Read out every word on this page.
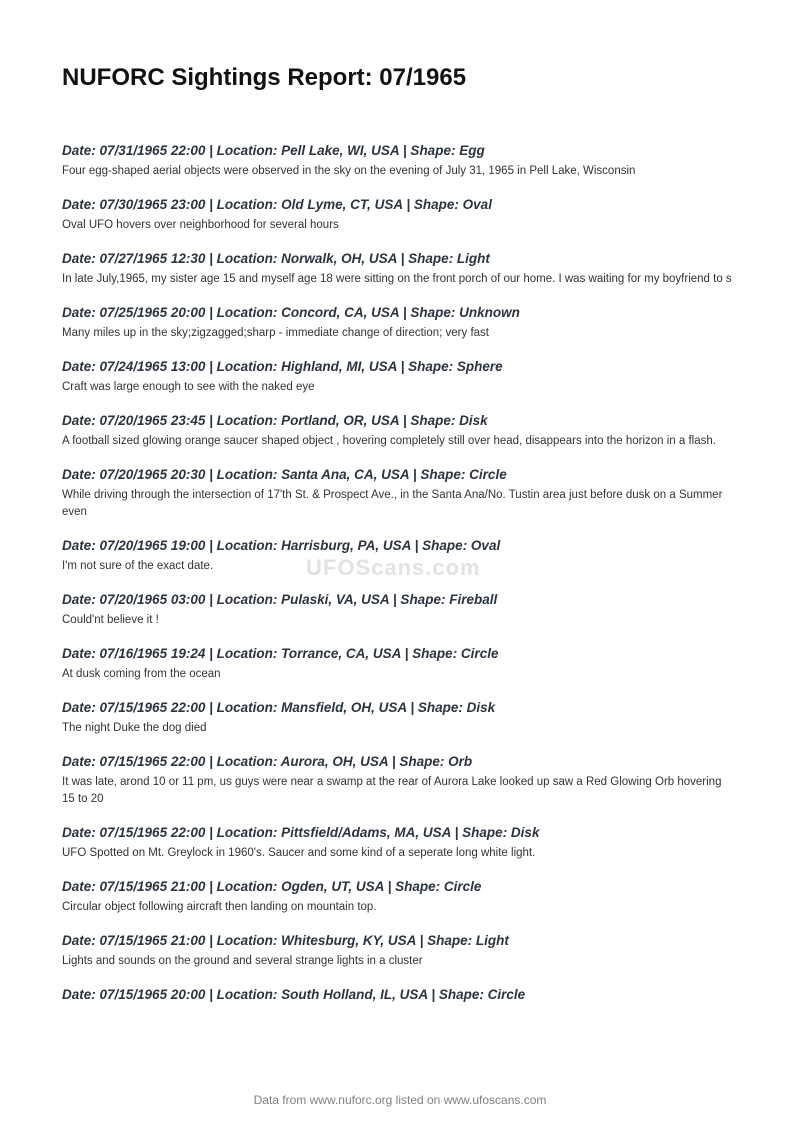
NUFORC Sightings Report: 07/1965

Date: 07/31/1965 22:00 | Location: Pell Lake, WI, USA | Shape: Egg

Four egg-shaped aerial objects were observed in the sky on the evening of July 31, 1965 in Pell Lake, Wisconsin

Date: 07/30/1965 23:00 | Location: Old Lyme, CT, USA | Shape: Oval

Oval UFO hovers over neighborhood for several hours

Date: 07/27/1965 12:30 | Location: Norwalk, OH, USA | Shape: Light

In late July,1965, my sister age 15 and myself age 18 were sitting on the front porch of our home. I was waiting for my boyfriend to s

Date: 07/25/1965 20:00 | Location: Concord, CA, USA | Shape: Unknown

Many miles up in the sky;zigzagged;sharp - immediate change of direction; very fast

Date: 07/24/1965 13:00 | Location: Highland, MI, USA | Shape: Sphere

Craft was large enough to see with the naked eye

Date: 07/20/1965 23:45 | Location: Portland, OR, USA | Shape: Disk

A football sized glowing orange saucer shaped object , hovering completely still over head, disappears into the horizon in a flash.

Date: 07/20/1965 20:30 | Location: Santa Ana, CA, USA | Shape: Circle

While driving through the intersection of 17'th St. & Prospect Ave., in the Santa Ana/No. Tustin area just before dusk on a Summer even

Date: 07/20/1965 19:00 | Location: Harrisburg, PA, USA | Shape: Oval

I'm not sure of the exact date.

Date: 07/20/1965 03:00 | Location: Pulaski, VA, USA | Shape: Fireball

Could'nt believe it !

Date: 07/16/1965 19:24 | Location: Torrance, CA, USA | Shape: Circle

At dusk coming from the ocean

Date: 07/15/1965 22:00 | Location: Mansfield, OH, USA | Shape: Disk

The night Duke the dog died

Date: 07/15/1965 22:00 | Location: Aurora, OH, USA | Shape: Orb

It was late, arond 10 or 11 pm, us guys were near a swamp at the rear of Aurora Lake looked up saw a Red Glowing Orb hovering 15 to 20

Date: 07/15/1965 22:00 | Location: Pittsfield/Adams, MA, USA | Shape: Disk

UFO Spotted on Mt. Greylock in 1960's. Saucer and some kind of a seperate long white light.

Date: 07/15/1965 21:00 | Location: Ogden, UT, USA | Shape: Circle

Circular object following aircraft then landing on mountain top.

Date: 07/15/1965 21:00 | Location: Whitesburg, KY, USA | Shape: Light

Lights and sounds on the ground and several strange lights in a cluster

Date: 07/15/1965 20:00 | Location: South Holland, IL, USA | Shape: Circle

UFOScans.com
Data from www.nuforc.org listed on www.ufoscans.com
